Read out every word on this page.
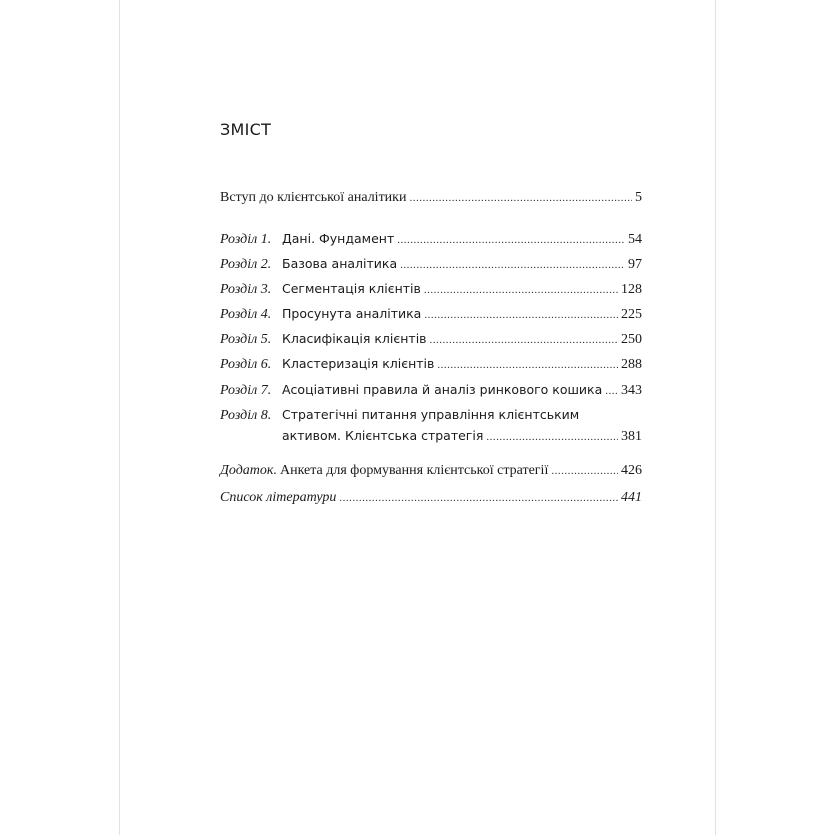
ЗМІСТ
Вступ до клієнтської аналітики .....	5
Розділ 1. Дані. Фундамент .....	54
Розділ 2. Базова аналітика .....	97
Розділ 3. Сегментація клієнтів .....	128
Розділ 4. Просунута аналітика .....	225
Розділ 5. Класифікація клієнтів .....	250
Розділ 6. Кластеризація клієнтів .....	288
Розділ 7. Асоціативні правила й аналіз ринкового кошика ..... 343
Розділ 8. Стратегічні питання управління клієнтським
активом. Клієнтська стратегія .....	381
Додаток. Анкета для формування клієнтської стратегії .....	426
Список літератури .....	441
